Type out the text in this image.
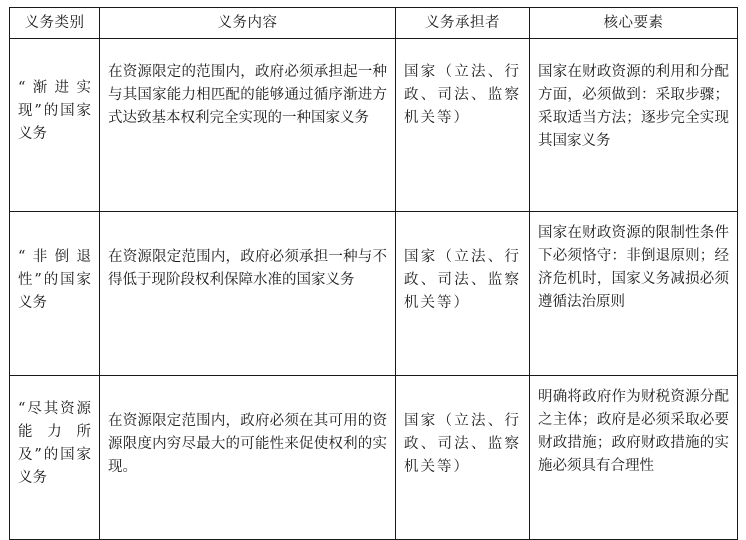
义务类别	义务内容	义务承担者	核心要素
“渐进实现”的国家义务	在资源限定的范围内，政府必须承担起一种与其国家能力相匹配的能够通过循序渐进方式达致基本权利完全实现的一种国家义务	国家（立法、行政、司法、监察机关等）	国家在财政资源的利用和分配方面，必须做到：采取步骤；采取适当方法；逐步完全实现其国家义务
“非倒退性”的国家义务	在资源限定范围内，政府必须承担一种与不得低于现阶段权利保障水准的国家义务	国家（立法、行政、司法、监察机关等）	国家在财政资源的限制性条件下必须恪守：非倒退原则；经济危机时，国家义务减损必须遵循法治原则
“尽其资源能力所及”的国家义务	在资源限定范围内，政府必须在其可用的资源限度内穷尽最大的可能性来促使权利的实现。	国家（立法、行政、司法、监察机关等）	明确将政府作为财税资源分配之主体；政府是必须采取必要财政措施；政府财政措施的实施必须具有合理性
